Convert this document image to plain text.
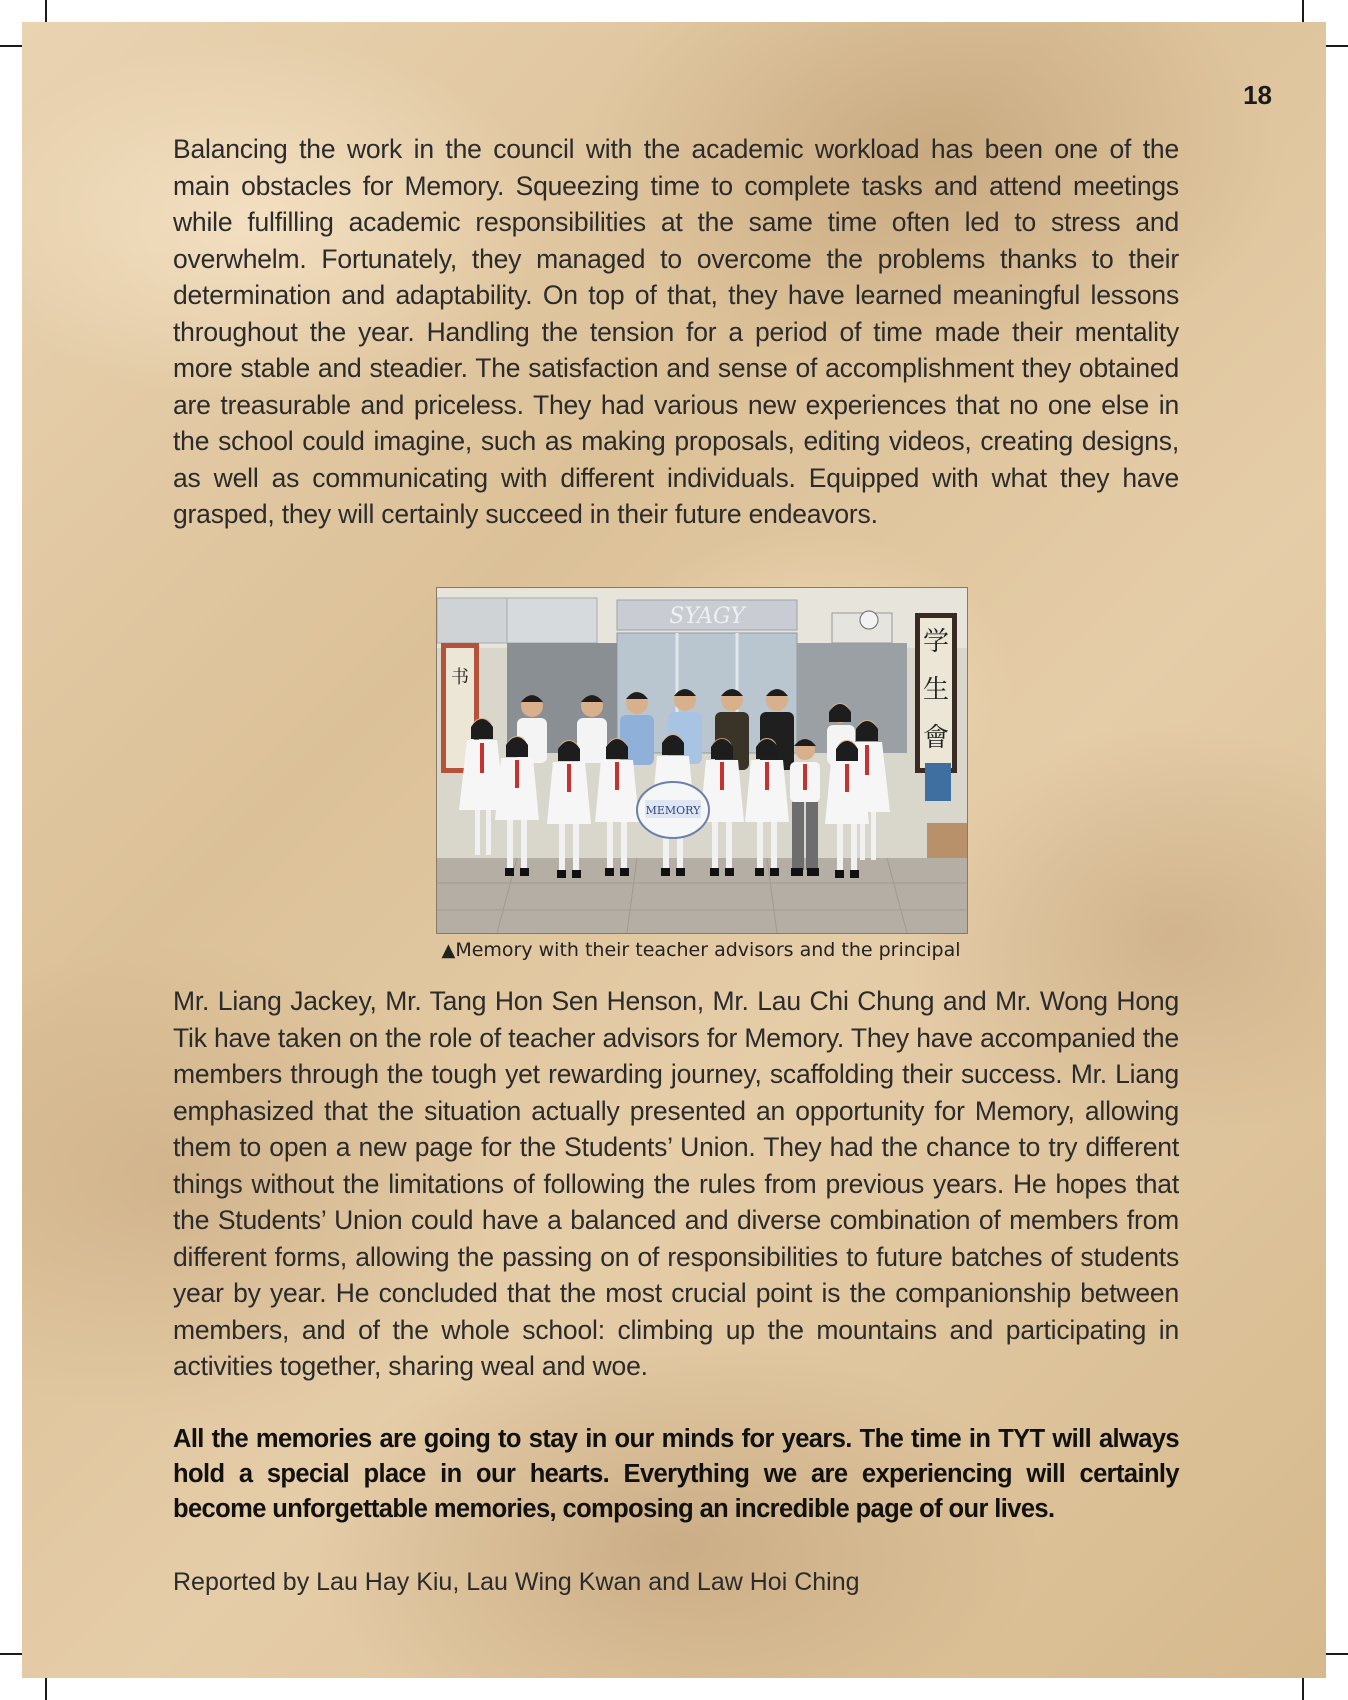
18

Balancing the work in the council with the academic workload has been one of the main obstacles for Memory. Squeezing time to complete tasks and attend meetings while fulfilling academic responsibilities at the same time often led to stress and overwhelm. Fortunately, they managed to overcome the problems thanks to their determination and adaptability. On top of that, they have learned meaningful lessons throughout the year. Handling the tension for a period of time made their mentality more stable and steadier. The satisfaction and sense of accomplishment they obtained are treasurable and priceless. They had various new experiences that no one else in the school could imagine, such as making proposals, editing videos, creating designs, as well as communicating with different individuals. Equipped with what they have grasped, they will certainly succeed in their future endeavors.

SYAGY
书
学
生
會
MEMORY
▲Memory with their teacher advisors and the principal

Mr. Liang Jackey, Mr. Tang Hon Sen Henson, Mr. Lau Chi Chung and Mr. Wong Hong Tik have taken on the role of teacher advisors for Memory. They have accompanied the members through the tough yet rewarding journey, scaffolding their success. Mr. Liang emphasized that the situation actually presented an opportunity for Memory, allowing them to open a new page for the Students’ Union. They had the chance to try different things without the limitations of following the rules from previous years. He hopes that the Students’ Union could have a balanced and diverse combination of members from different forms, allowing the passing on of responsibilities to future batches of students year by year. He concluded that the most crucial point is the companionship between members, and of the whole school: climbing up the mountains and participating in activities together, sharing weal and woe.

All the memories are going to stay in our minds for years. The time in TYT will always hold a special place in our hearts. Everything we are experiencing will certainly become unforgettable memories, composing an incredible page of our lives.

Reported by Lau Hay Kiu, Lau Wing Kwan and Law Hoi Ching
